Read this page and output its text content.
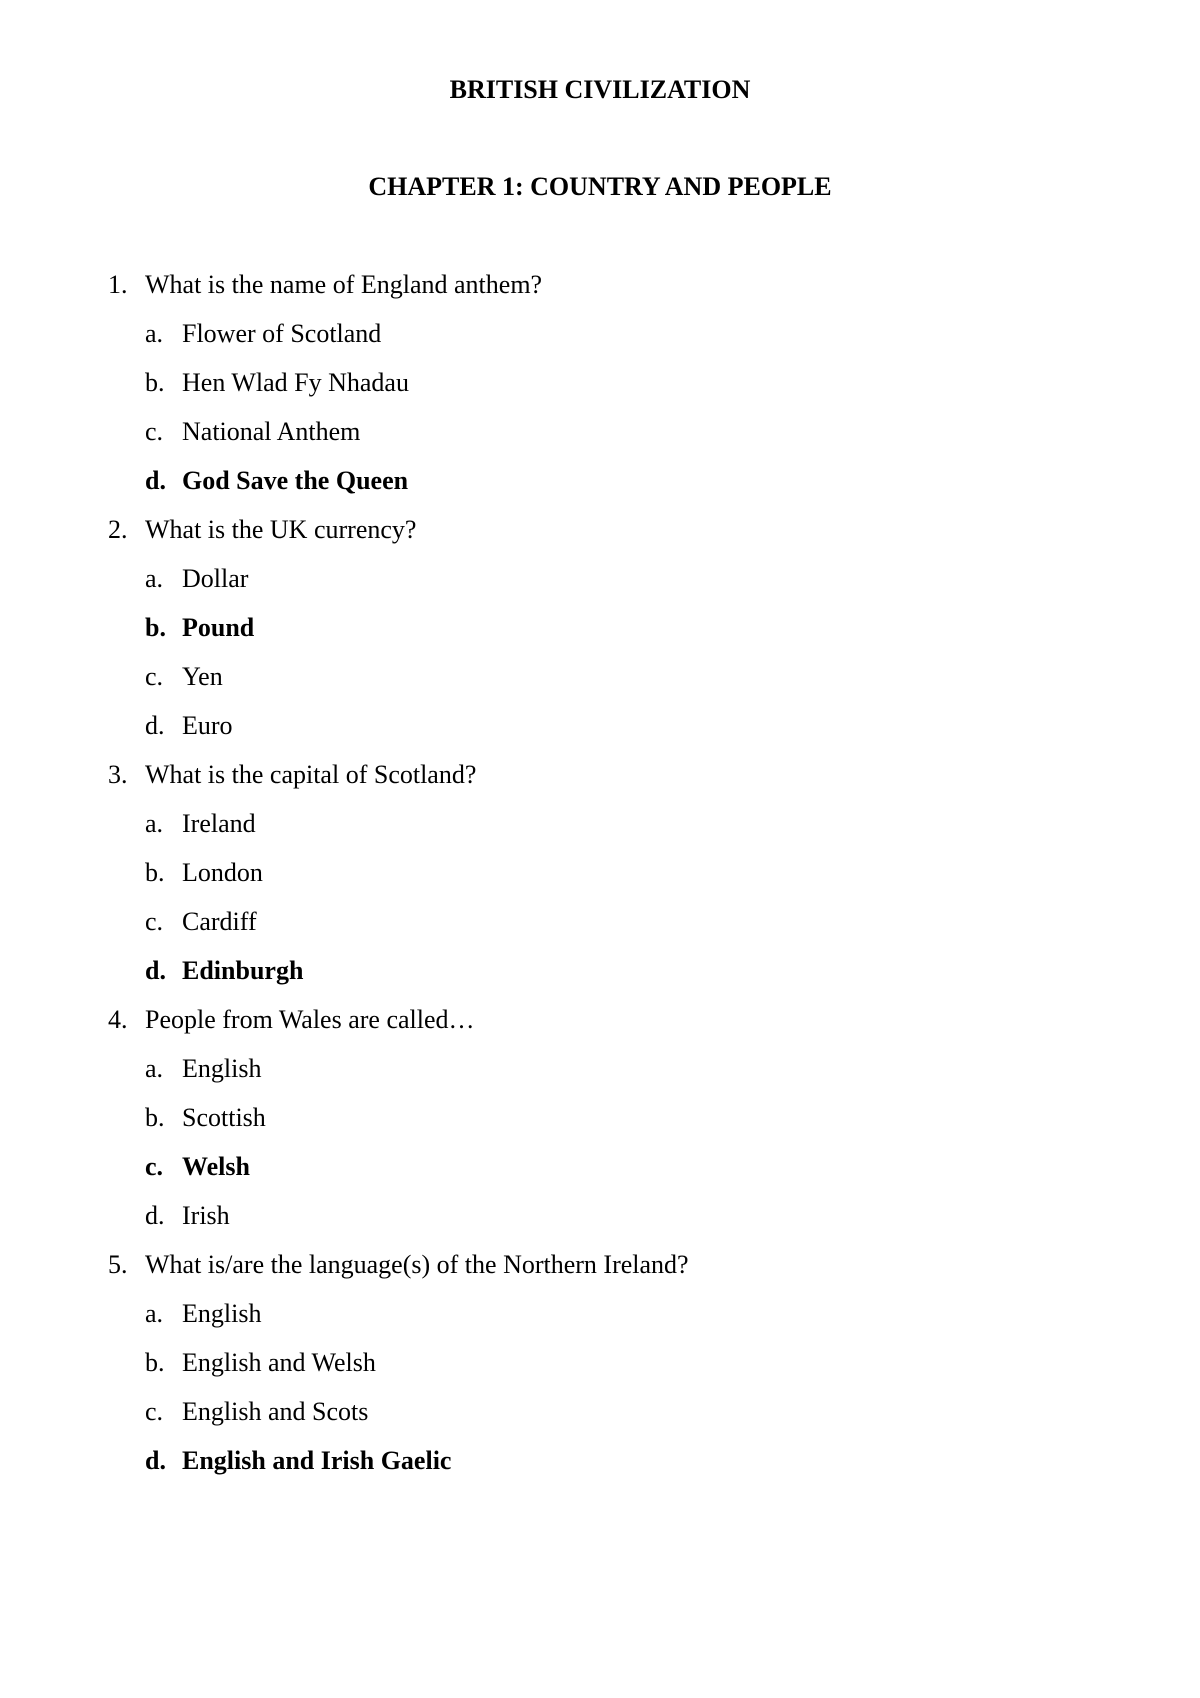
BRITISH CIVILIZATION
CHAPTER 1: COUNTRY AND PEOPLE
1. What is the name of England anthem?
a. Flower of Scotland
b. Hen Wlad Fy Nhadau
c. National Anthem
d. God Save the Queen
2. What is the UK currency?
a. Dollar
b. Pound
c. Yen
d. Euro
3. What is the capital of Scotland?
a. Ireland
b. London
c. Cardiff
d. Edinburgh
4. People from Wales are called…
a. English
b. Scottish
c. Welsh
d. Irish
5. What is/are the language(s) of the Northern Ireland?
a. English
b. English and Welsh
c. English and Scots
d. English and Irish Gaelic
